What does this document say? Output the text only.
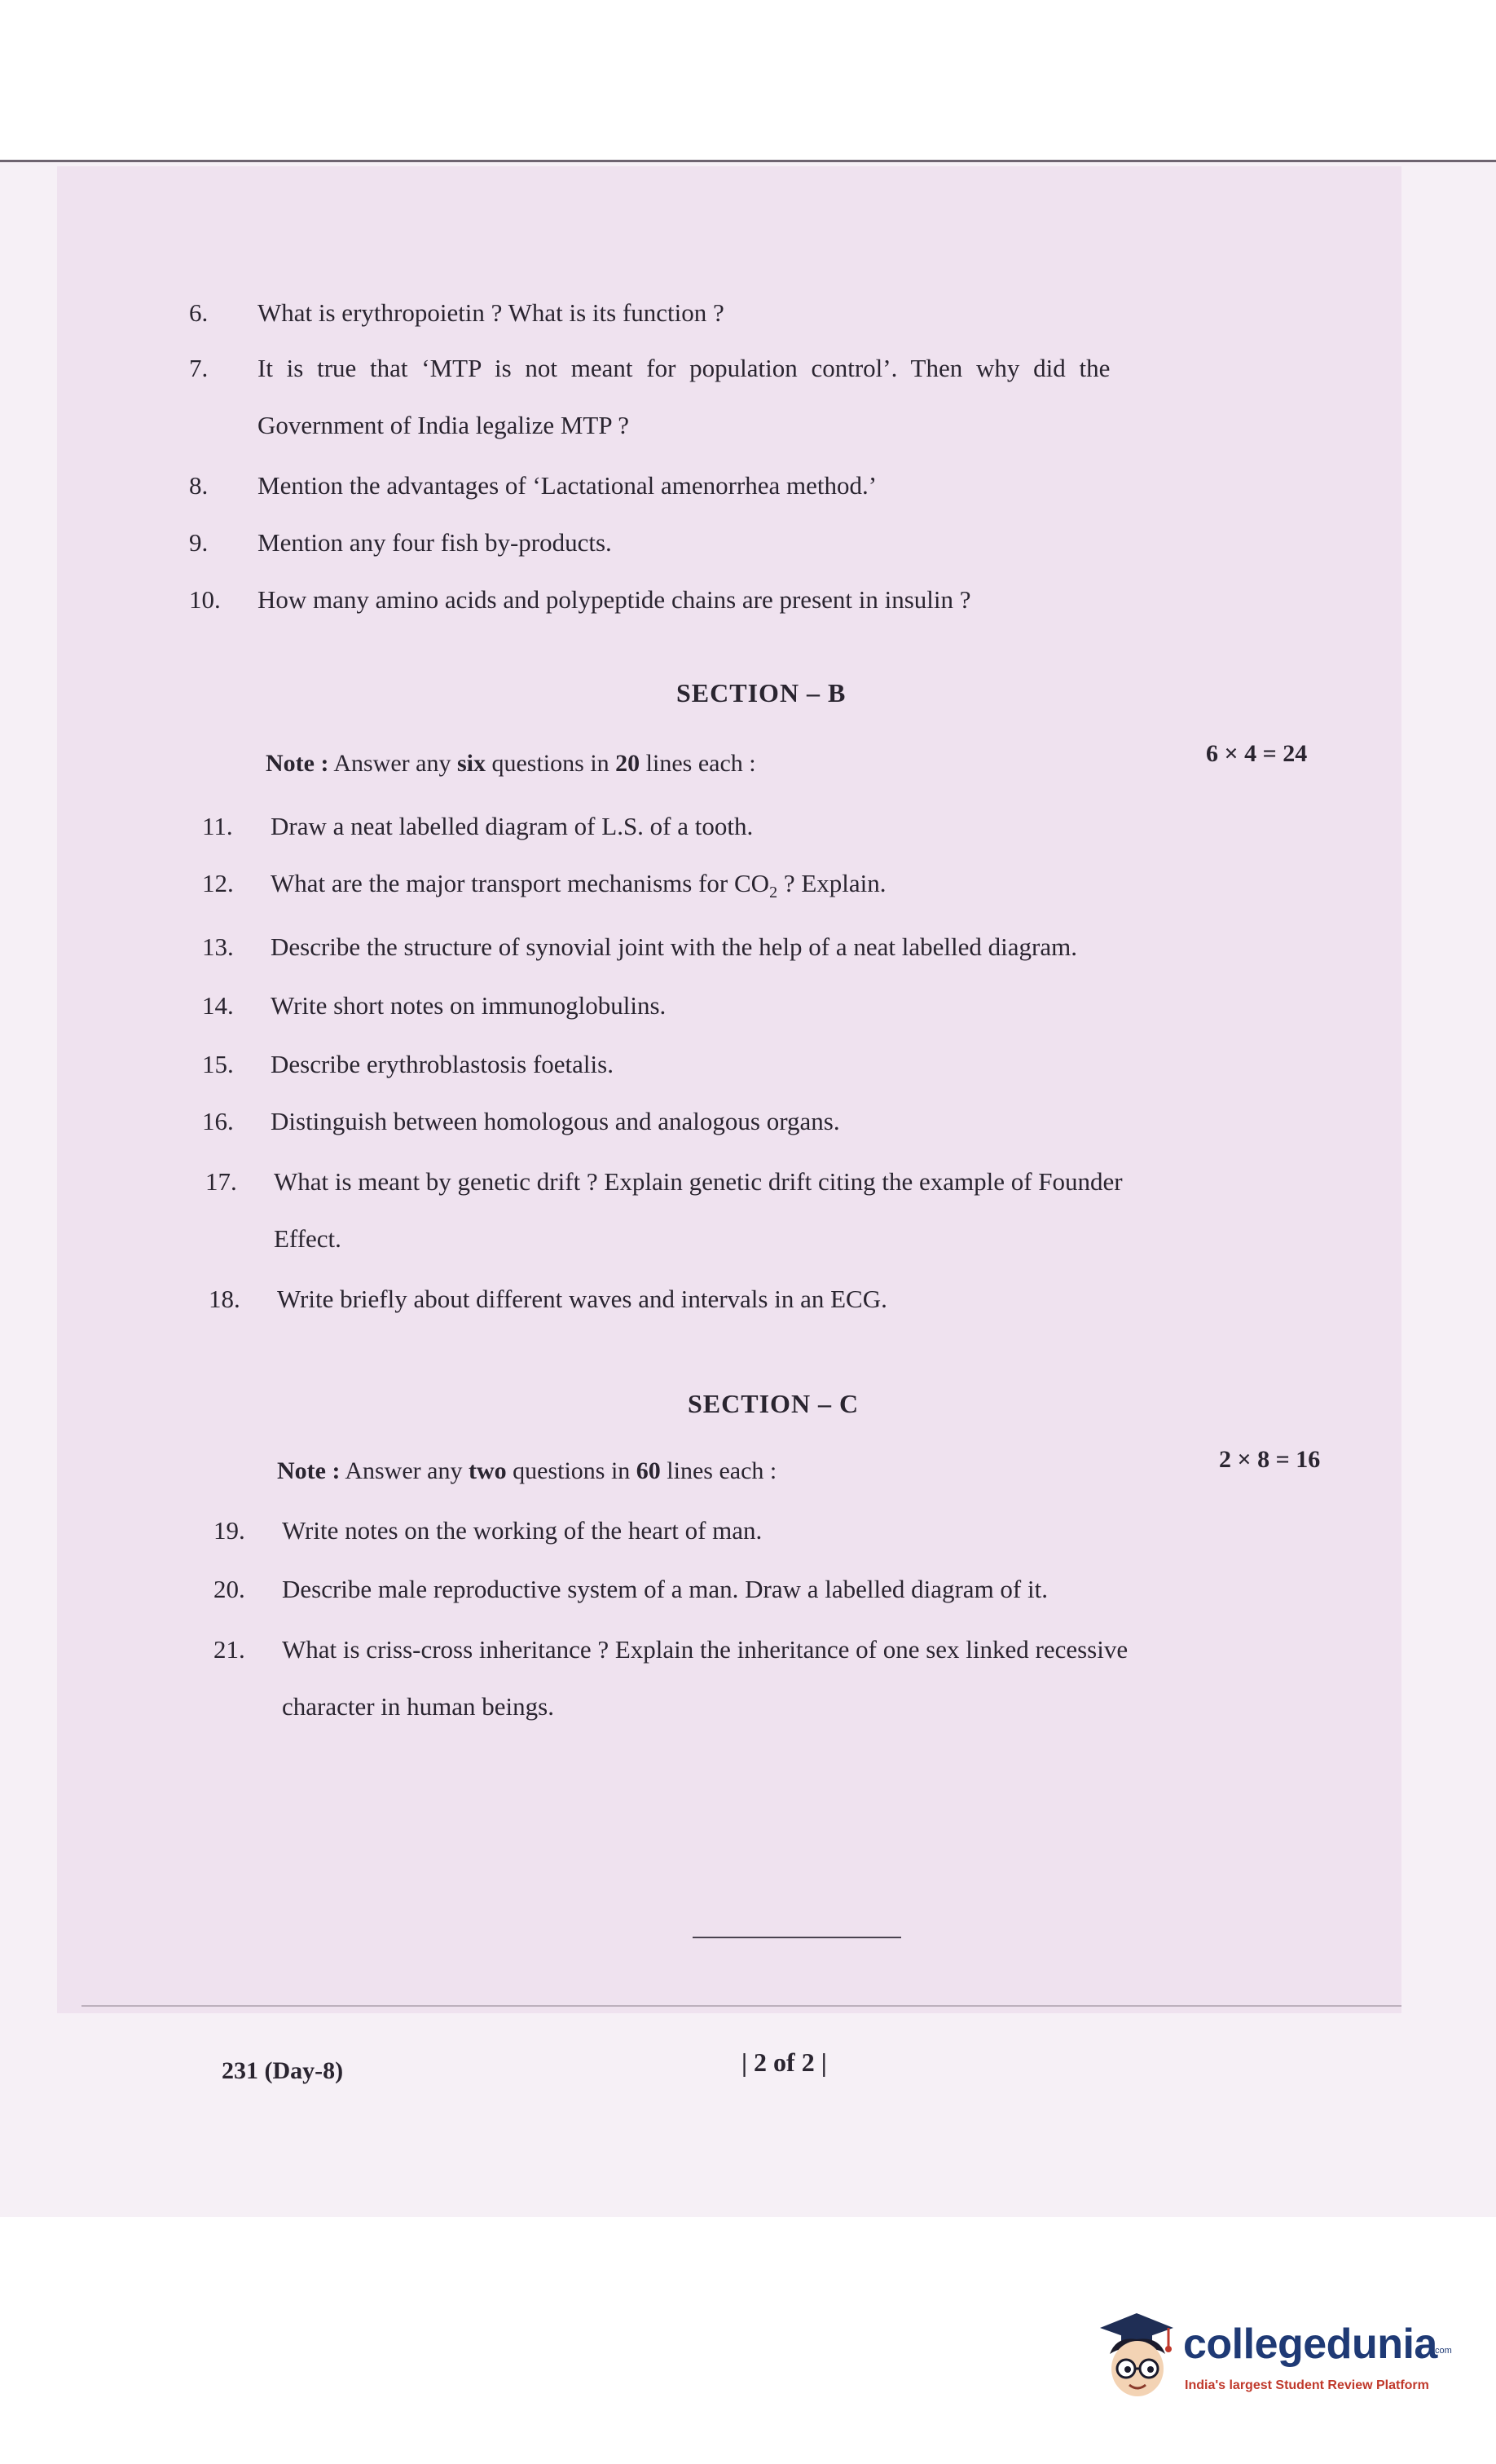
6. What is erythropoietin ? What is its function ?
7. It is true that ‘MTP is not meant for population control’. Then why did the
Government of India legalize MTP ?
8. Mention the advantages of ‘Lactational amenorrhea method.’
9. Mention any four fish by-products.
10. How many amino acids and polypeptide chains are present in insulin ?
SECTION – B
Note : Answer any six questions in 20 lines each :	6 × 4 = 24
11. Draw a neat labelled diagram of L.S. of a tooth.
12. What are the major transport mechanisms for $CO_2$ ? Explain.
13. Describe the structure of synovial joint with the help of a neat labelled diagram.
14. Write short notes on immunoglobulins.
15. Describe erythroblastosis foetalis.
16. Distinguish between homologous and analogous organs.
17. What is meant by genetic drift ? Explain genetic drift citing the example of Founder
Effect.
18. Write briefly about different waves and intervals in an ECG.
SECTION – C
Note : Answer any two questions in 60 lines each :	2 × 8 = 16
19. Write notes on the working of the heart of man.
20. Describe male reproductive system of a man. Draw a labelled diagram of it.
21. What is criss-cross inheritance ? Explain the inheritance of one sex linked recessive
character in human beings.
231 (Day-8)	| 2 of 2 |
collegedunia
.com
India's largest Student Review Platform
